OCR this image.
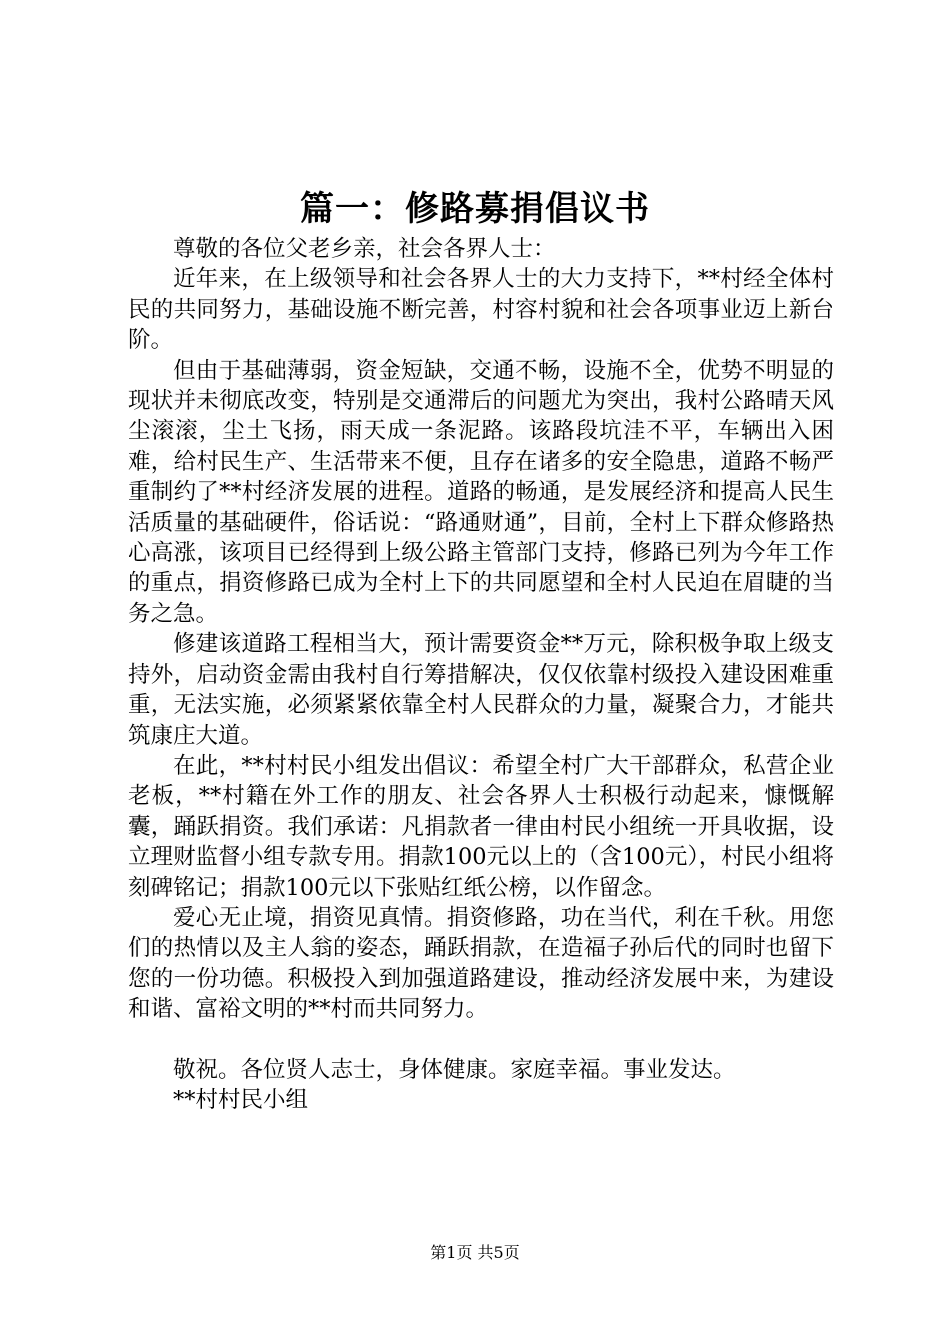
篇一：修路募捐倡议书

尊敬的各位父老乡亲，社会各界人士：

近年来，在上级领导和社会各界人士的大力支持下，**村经全体村民的共同努力，基础设施不断完善，村容村貌和社会各项事业迈上新台阶。

但由于基础薄弱，资金短缺，交通不畅，设施不全，优势不明显的现状并未彻底改变，特别是交通滞后的问题尤为突出，我村公路晴天风尘滚滚，尘土飞扬，雨天成一条泥路。该路段坑洼不平，车辆出入困难，给村民生产、生活带来不便，且存在诸多的安全隐患，道路不畅严重制约了**村经济发展的进程。道路的畅通，是发展经济和提高人民生活质量的基础硬件，俗话说：“路通财通”，目前，全村上下群众修路热心高涨，该项目已经得到上级公路主管部门支持，修路已列为今年工作的重点，捐资修路已成为全村上下的共同愿望和全村人民迫在眉睫的当务之急。

修建该道路工程相当大，预计需要资金**万元，除积极争取上级支持外，启动资金需由我村自行筹措解决，仅仅依靠村级投入建设困难重重，无法实施，必须紧紧依靠全村人民群众的力量，凝聚合力，才能共筑康庄大道。

在此，**村村民小组发出倡议：希望全村广大干部群众，私营企业老板，**村籍在外工作的朋友、社会各界人士积极行动起来，慷慨解囊，踊跃捐资。我们承诺：凡捐款者一律由村民小组统一开具收据，设立理财监督小组专款专用。捐款100元以上的（含100元），村民小组将刻碑铭记；捐款100元以下张贴红纸公榜，以作留念。

爱心无止境，捐资见真情。捐资修路，功在当代，利在千秋。用您们的热情以及主人翁的姿态，踊跃捐款，在造福子孙后代的同时也留下您的一份功德。积极投入到加强道路建设，推动经济发展中来，为建设和谐、富裕文明的**村而共同努力。

敬祝。各位贤人志士，身体健康。家庭幸福。事业发达。

**村村民小组

第1页 共5页
